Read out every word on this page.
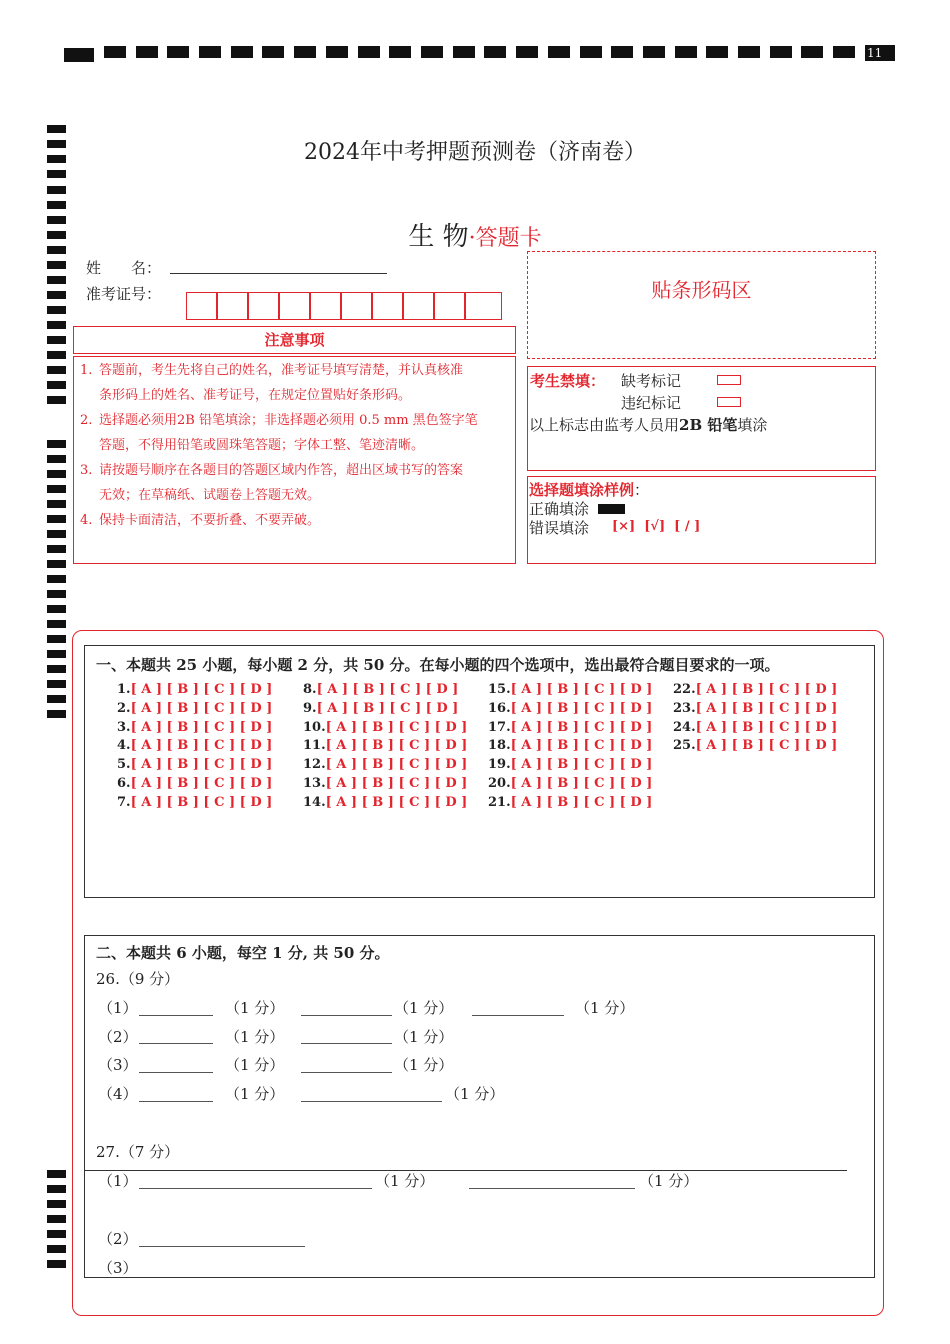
11
2024年中考押题预测卷（济南卷）
生 物·答题卡
姓　　名：
准考证号：
注意事项
1. 答题前，考生先将自己的姓名，准考证号填写清楚，并认真核准
条形码上的姓名、准考证号，在规定位置贴好条形码。
2. 选择题必须用2B 铅笔填涂；非选择题必须用 0.5 mm 黑色签字笔
答题，不得用铅笔或圆珠笔答题；字体工整、笔迹清晰。
3. 请按题号顺序在各题目的答题区域内作答，超出区域书写的答案
无效；在草稿纸、试题卷上答题无效。
4. 保持卡面清洁，不要折叠、不要弄破。
贴条形码区
考生禁填： 缺考标记
违纪标记
以上标志由监考人员用2B 铅笔填涂
选择题填涂样例：
正确填涂
错误填涂 [×]  [√]  [ / ]
一、本题共 25 小题，每小题 2 分，共 50 分。在每小题的四个选项中，选出最符合题目要求的一项。
1.[ A ] [ B ] [ C ] [ D ]
2.[ A ] [ B ] [ C ] [ D ]
3.[ A ] [ B ] [ C ] [ D ]
4.[ A ] [ B ] [ C ] [ D ]
5.[ A ] [ B ] [ C ] [ D ]
6.[ A ] [ B ] [ C ] [ D ]
7.[ A ] [ B ] [ C ] [ D ]
8.[ A ] [ B ] [ C ] [ D ]
9.[ A ] [ B ] [ C ] [ D ]
10.[ A ] [ B ] [ C ] [ D ]
11.[ A ] [ B ] [ C ] [ D ]
12.[ A ] [ B ] [ C ] [ D ]
13.[ A ] [ B ] [ C ] [ D ]
14.[ A ] [ B ] [ C ] [ D ]
15.[ A ] [ B ] [ C ] [ D ]
16.[ A ] [ B ] [ C ] [ D ]
17.[ A ] [ B ] [ C ] [ D ]
18.[ A ] [ B ] [ C ] [ D ]
19.[ A ] [ B ] [ C ] [ D ]
20.[ A ] [ B ] [ C ] [ D ]
21.[ A ] [ B ] [ C ] [ D ]
22.[ A ] [ B ] [ C ] [ D ]
23.[ A ] [ B ] [ C ] [ D ]
24.[ A ] [ B ] [ C ] [ D ]
25.[ A ] [ B ] [ C ] [ D ]
二、本题共 6 小题，每空 1 分, 共 50 分。
26.（9 分）
（1）	（1 分）	（1 分）	（1 分）
（2）	（1 分）	（1 分）
（3）	（1 分）	（1 分）
（4）	（1 分）	（1 分）
27.（7 分）
（1）	（1 分）	（1 分）
（2）
（3）
